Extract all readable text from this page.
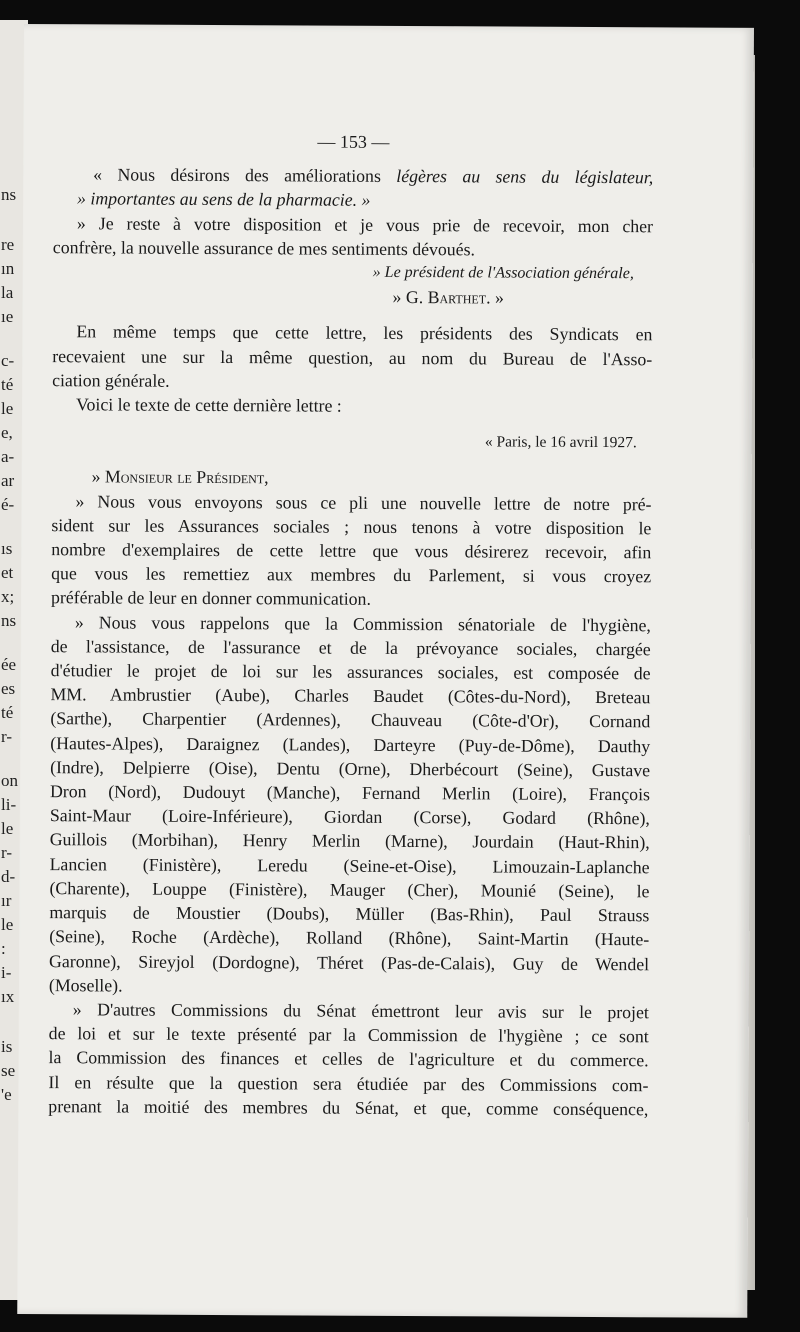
ns
re
ın
la
ıe
c-
té
le
e,
a-
ar
é-
ıs
et
x;
ns
ée
es
té
r-
on
li-
le
r-
d-
ır
le
:
i-
ıx
is
se
'e
— 153 —
« Nous désirons des améliorations légères au sens du législateur,
» importantes au sens de la pharmacie. »
» Je reste à votre disposition et je vous prie de recevoir, mon cher
confrère, la nouvelle assurance de mes sentiments dévoués.
» Le président de l'Association générale,
» G. Barthet. »
En même temps que cette lettre, les présidents des Syndicats en
recevaient une sur la même question, au nom du Bureau de l'Asso-
ciation générale.
Voici le texte de cette dernière lettre :
« Paris, le 16 avril 1927.
» Monsieur le Président,
» Nous vous envoyons sous ce pli une nouvelle lettre de notre pré-
sident sur les Assurances sociales ; nous tenons à votre disposition le
nombre d'exemplaires de cette lettre que vous désirerez recevoir, afin
que vous les remettiez aux membres du Parlement, si vous croyez
préférable de leur en donner communication.
» Nous vous rappelons que la Commission sénatoriale de l'hygiène,
de l'assistance, de l'assurance et de la prévoyance sociales, chargée
d'étudier le projet de loi sur les assurances sociales, est composée de
MM. Ambrustier (Aube), Charles Baudet (Côtes-du-Nord), Breteau
(Sarthe), Charpentier (Ardennes), Chauveau (Côte-d'Or), Cornand
(Hautes-Alpes), Daraignez (Landes), Darteyre (Puy-de-Dôme), Dauthy
(Indre), Delpierre (Oise), Dentu (Orne), Dherbécourt (Seine), Gustave
Dron (Nord), Dudouyt (Manche), Fernand Merlin (Loire), François
Saint-Maur (Loire-Inférieure), Giordan (Corse), Godard (Rhône),
Guillois (Morbihan), Henry Merlin (Marne), Jourdain (Haut-Rhin),
Lancien (Finistère), Leredu (Seine-et-Oise), Limouzain-Laplanche
(Charente), Louppe (Finistère), Mauger (Cher), Mounié (Seine), le
marquis de Moustier (Doubs), Müller (Bas-Rhin), Paul Strauss
(Seine), Roche (Ardèche), Rolland (Rhône), Saint-Martin (Haute-
Garonne), Sireyjol (Dordogne), Théret (Pas-de-Calais), Guy de Wendel
(Moselle).
» D'autres Commissions du Sénat émettront leur avis sur le projet
de loi et sur le texte présenté par la Commission de l'hygiène ; ce sont
la Commission des finances et celles de l'agriculture et du commerce.
Il en résulte que la question sera étudiée par des Commissions com-
prenant la moitié des membres du Sénat, et que, comme conséquence,
